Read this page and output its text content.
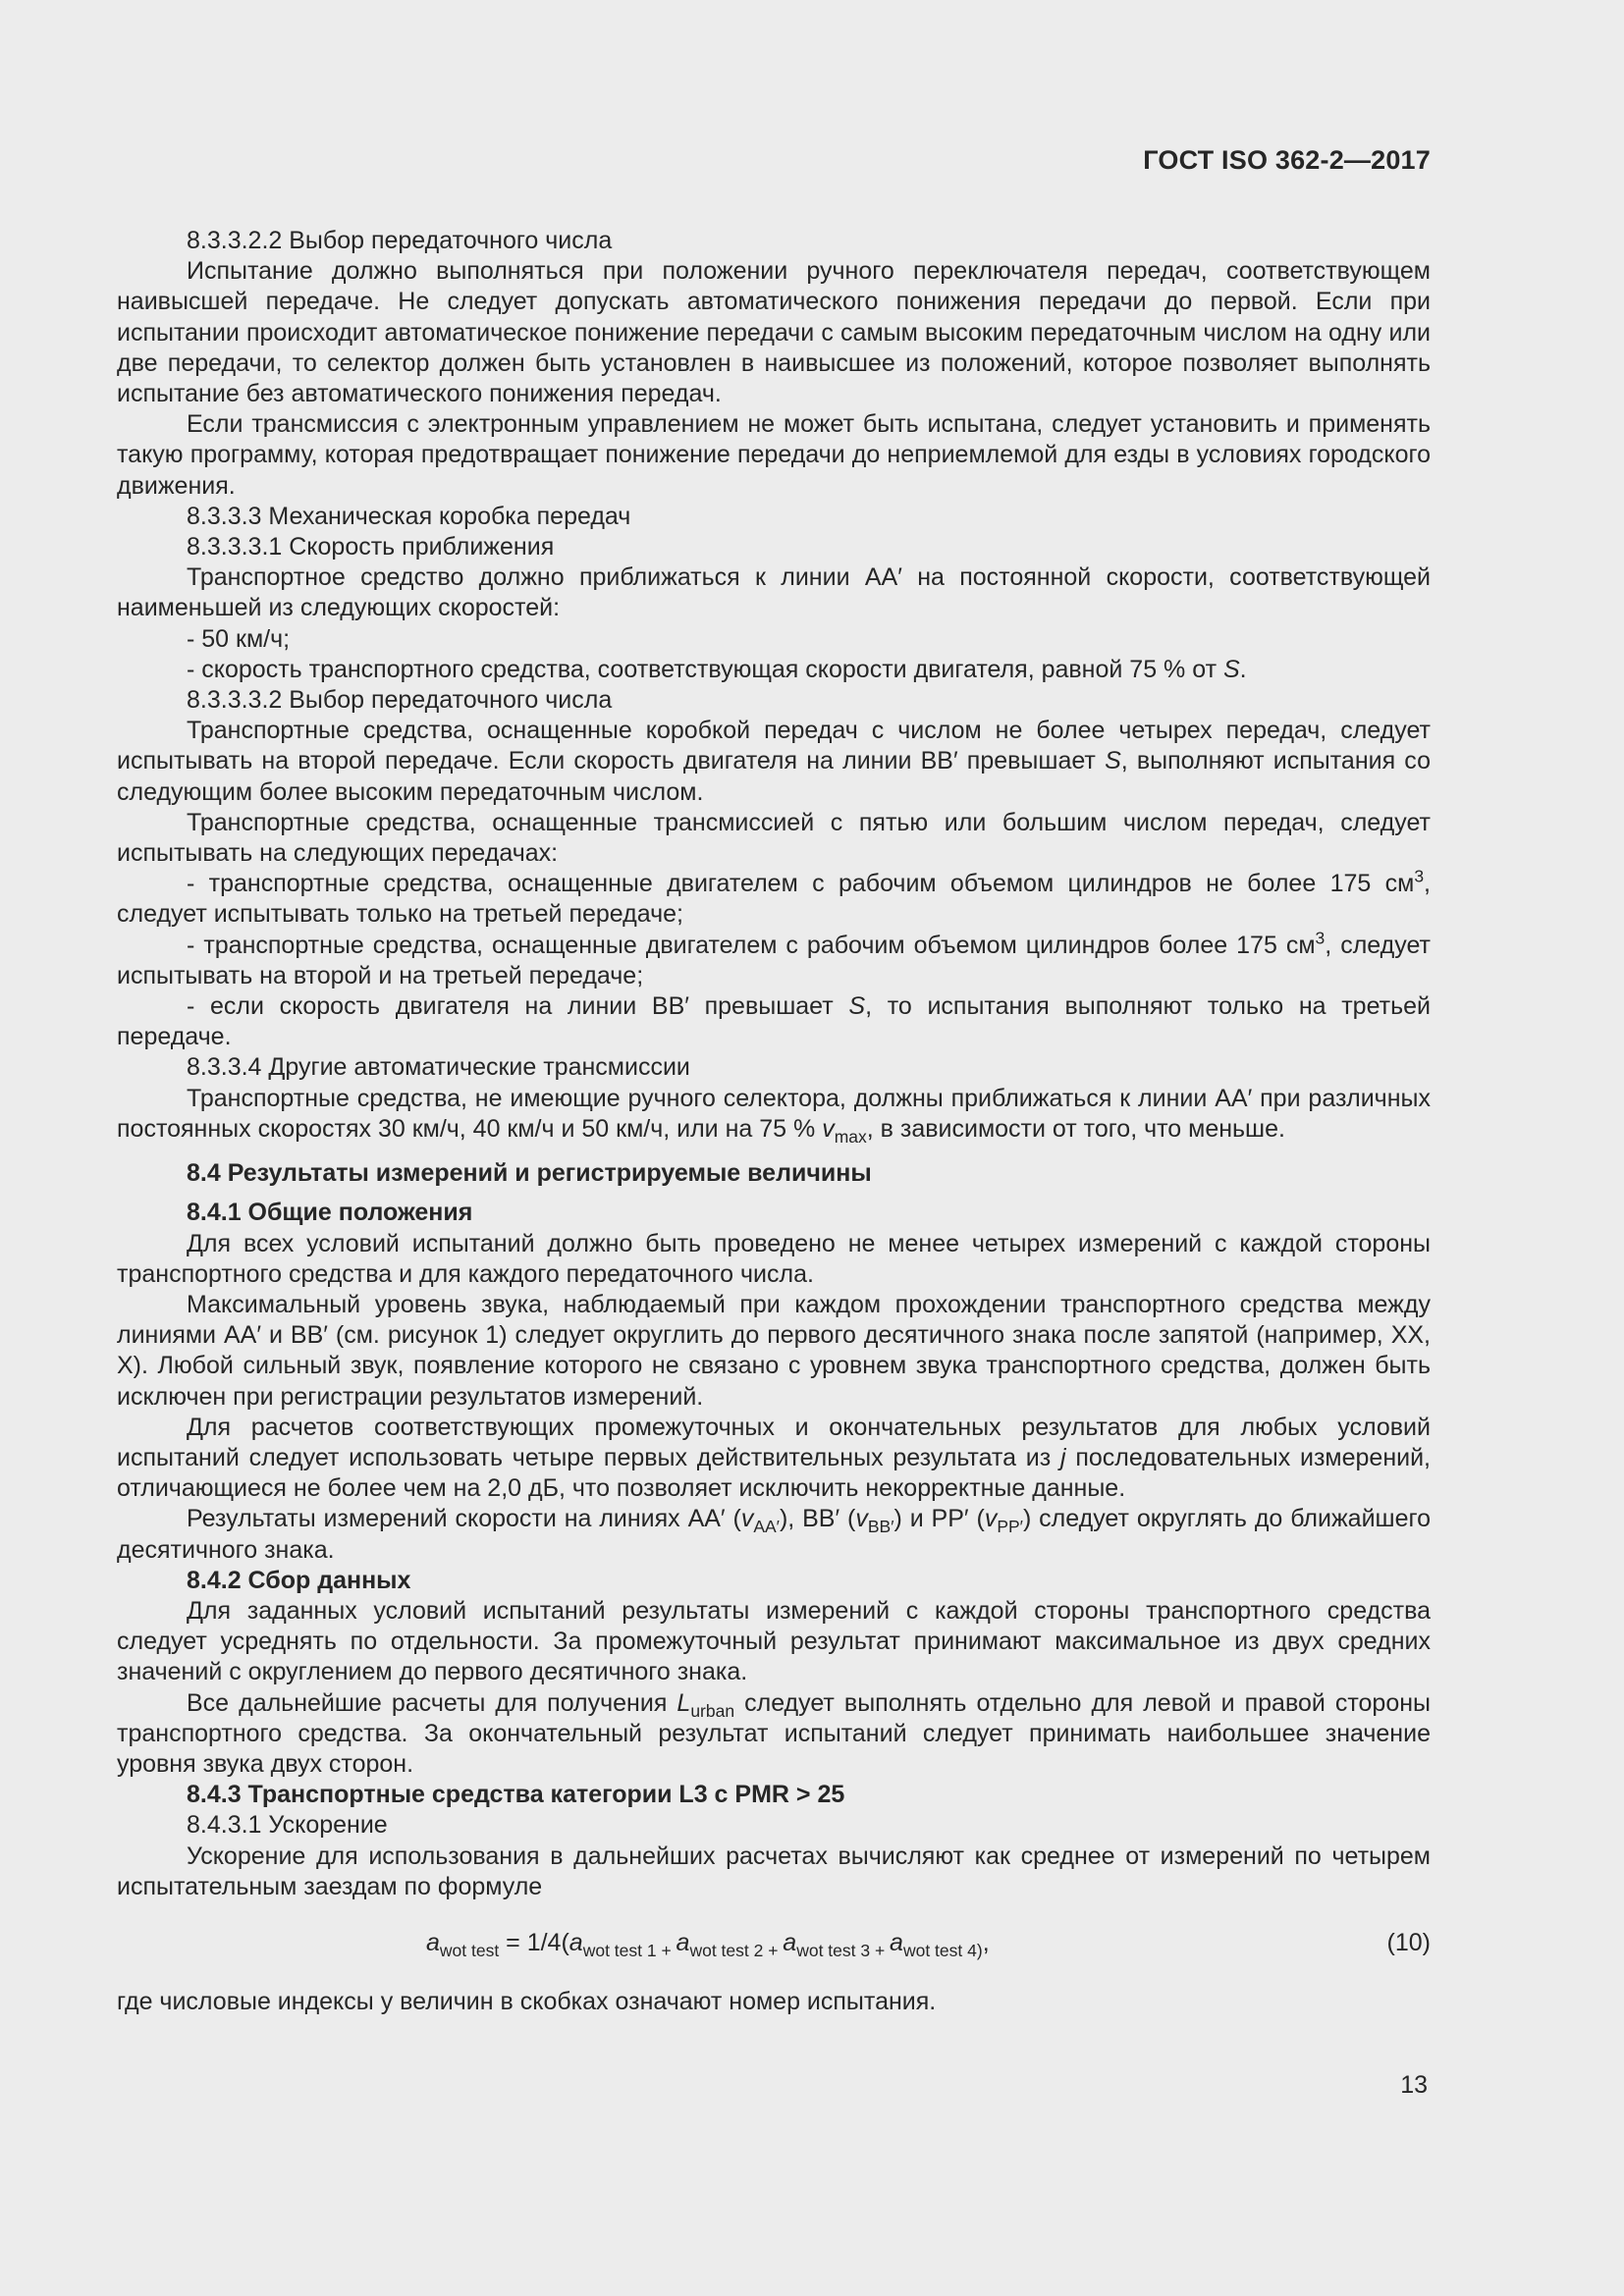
ГОСТ ISO 362-2—2017

8.3.3.2.2 Выбор передаточного числа

Испытание должно выполняться при положении ручного переключателя передач, соответствующем наивысшей передаче. Не следует допускать автоматического понижения передачи до первой. Если при испытании происходит автоматическое понижение передачи с самым высоким передаточным числом на одну или две передачи, то селектор должен быть установлен в наивысшее из положений, которое позволяет выполнять испытание без автоматического понижения передач.

Если трансмиссия с электронным управлением не может быть испытана, следует установить и применять такую программу, которая предотвращает понижение передачи до неприемлемой для езды в условиях городского движения.

8.3.3.3 Механическая коробка передач

8.3.3.3.1 Скорость приближения

Транспортное средство должно приближаться к линии АА′ на постоянной скорости, соответствующей наименьшей из следующих скоростей:

- 50 км/ч;

- скорость транспортного средства, соответствующая скорости двигателя, равной 75 % от S.

8.3.3.3.2 Выбор передаточного числа

Транспортные средства, оснащенные коробкой передач с числом не более четырех передач, следует испытывать на второй передаче. Если скорость двигателя на линии BB′ превышает S, выполняют испытания со следующим более высоким передаточным числом.

Транспортные средства, оснащенные трансмиссией с пятью или большим числом передач, следует испытывать на следующих передачах:

- транспортные средства, оснащенные двигателем с рабочим объемом цилиндров не более 175 $см^3$, следует испытывать только на третьей передаче;

- транспортные средства, оснащенные двигателем с рабочим объемом цилиндров более 175 $см^3$, следует испытывать на второй и на третьей передаче;

- если скорость двигателя на линии BB′ превышает S, то испытания выполняют только на третьей передаче.

8.3.3.4 Другие автоматические трансмиссии

Транспортные средства, не имеющие ручного селектора, должны приближаться к линии АА′ при различных постоянных скоростях 30 км/ч, 40 км/ч и 50 км/ч, или на 75 % $v_{max}$, в зависимости от того, что меньше.

8.4 Результаты измерений и регистрируемые величины

8.4.1 Общие положения

Для всех условий испытаний должно быть проведено не менее четырех измерений с каждой стороны транспортного средства и для каждого передаточного числа.

Максимальный уровень звука, наблюдаемый при каждом прохождении транспортного средства между линиями АА′ и BB′ (см. рисунок 1) следует округлить до первого десятичного знака после запятой (например, XX, X). Любой сильный звук, появление которого не связано с уровнем звука транспортного средства, должен быть исключен при регистрации результатов измерений.

Для расчетов соответствующих промежуточных и окончательных результатов для любых условий испытаний следует использовать четыре первых действительных результата из j последовательных измерений, отличающиеся не более чем на 2,0 дБ, что позволяет исключить некорректные данные.

Результаты измерений скорости на линиях АА′ $(v_{AA'})$, BB′ $(v_{BB'})$ и PP′ $(v_{PP'})$ следует округлять до ближайшего десятичного знака.

8.4.2 Сбор данных

Для заданных условий испытаний результаты измерений с каждой стороны транспортного средства следует усреднять по отдельности. За промежуточный результат принимают максимальное из двух средних значений с округлением до первого десятичного знака.

Все дальнейшие расчеты для получения $L_{urban}$ следует выполнять отдельно для левой и правой стороны транспортного средства. За окончательный результат испытаний следует принимать наибольшее значение уровня звука двух сторон.

8.4.3 Транспортные средства категории L3 с PMR > 25

8.4.3.1 Ускорение

Ускорение для использования в дальнейших расчетах вычисляют как среднее от измерений по четырем испытательным заездам по формуле

$a_{wot test} = 1/4(a_{wot test 1 +}$ $a_{wot test 2 +}$ $a_{wot test 3 +}$ $a_{wot test 4)}$,	(10)

где числовые индексы у величин в скобках означают номер испытания.

13
